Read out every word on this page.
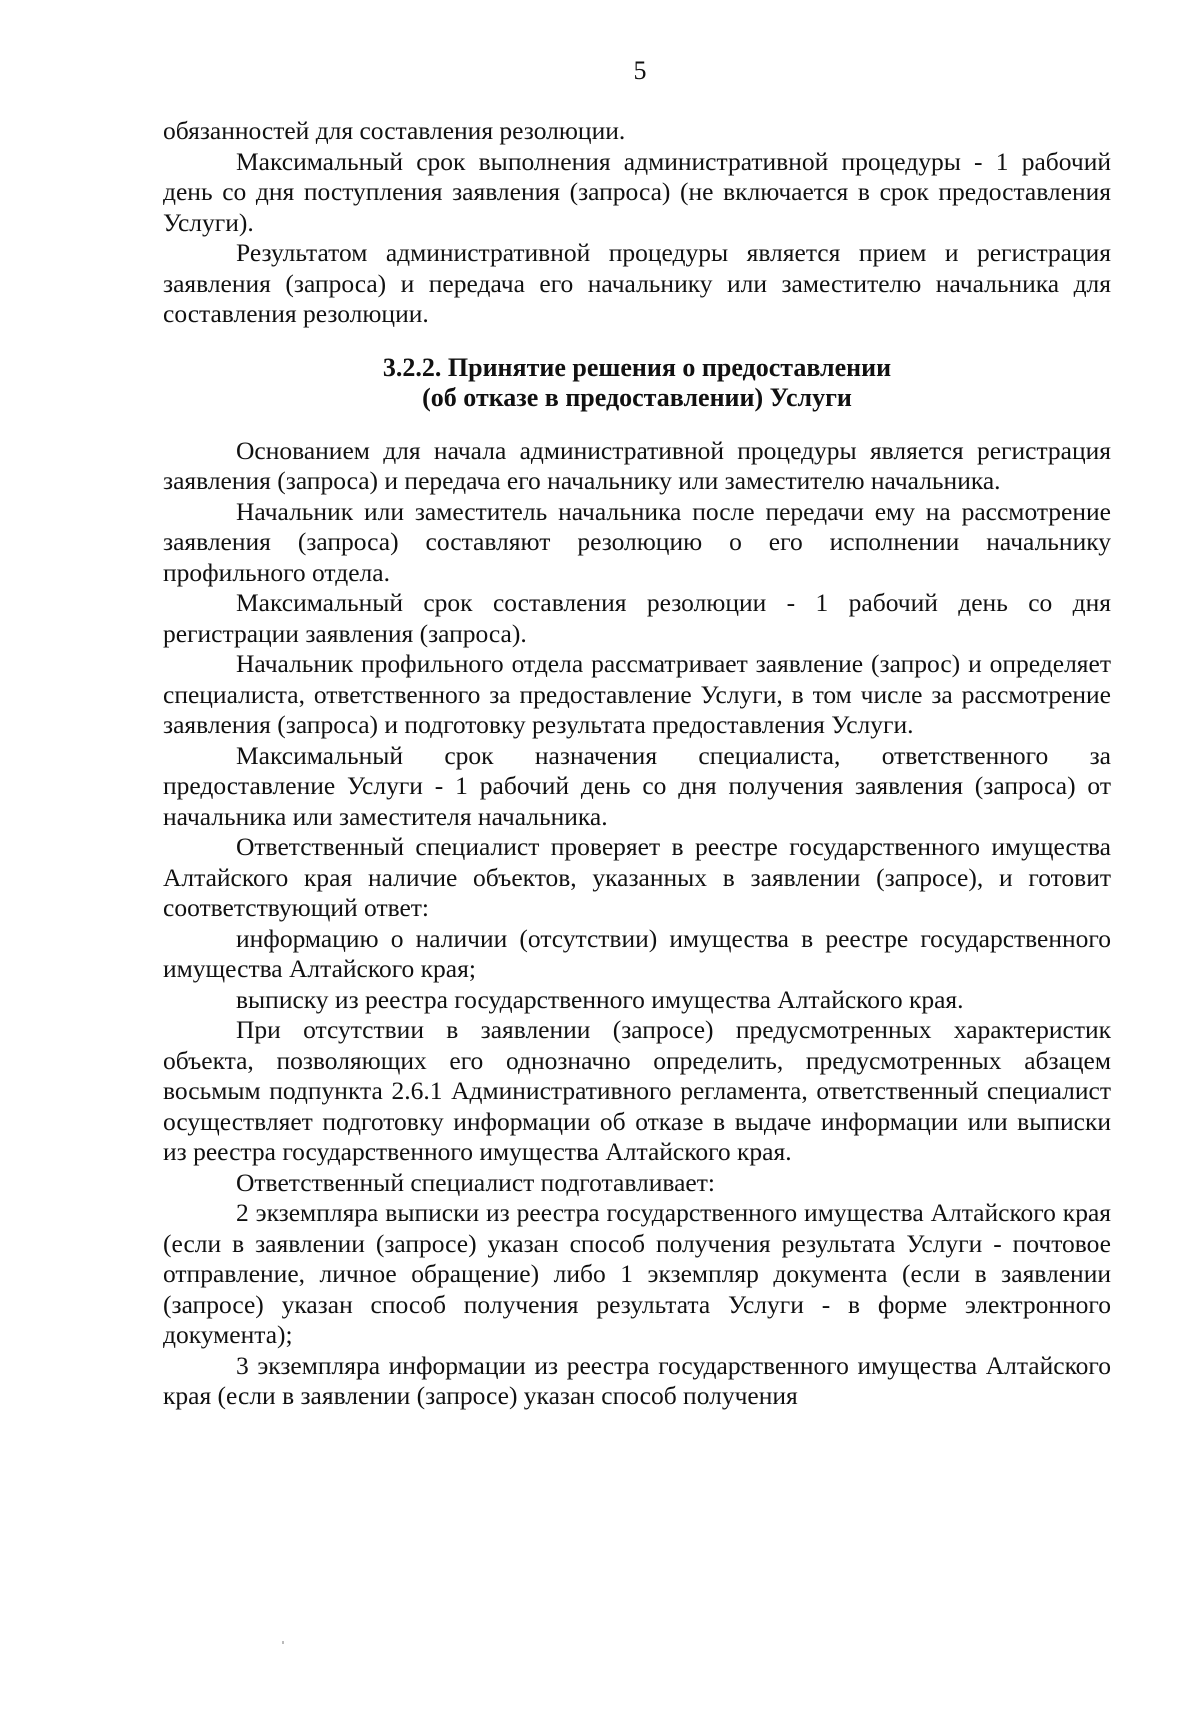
5

обязанностей для составления резолюции.

Максимальный срок выполнения административной процедуры - 1 рабочий день со дня поступления заявления (запроса) (не включается в срок предоставления Услуги).

Результатом административной процедуры является прием и регистрация заявления (запроса) и передача его начальнику или заместителю начальника для составления резолюции.

3.2.2. Принятие решения о предоставлении
(об отказе в предоставлении) Услуги

Основанием для начала административной процедуры является регистрация заявления (запроса) и передача его начальнику или заместителю начальника.

Начальник или заместитель начальника после передачи ему на рассмотрение заявления (запроса) составляют резолюцию о его исполнении начальнику профильного отдела.

Максимальный срок составления резолюции - 1 рабочий день со дня регистрации заявления (запроса).

Начальник профильного отдела рассматривает заявление (запрос) и определяет специалиста, ответственного за предоставление Услуги, в том числе за рассмотрение заявления (запроса) и подготовку результата предоставления Услуги.

Максимальный срок назначения специалиста, ответственного за предоставление Услуги - 1 рабочий день со дня получения заявления (запроса) от начальника или заместителя начальника.

Ответственный специалист проверяет в реестре государственного имущества Алтайского края наличие объектов, указанных в заявлении (запросе), и готовит соответствующий ответ:

информацию о наличии (отсутствии) имущества в реестре государственного имущества Алтайского края;

выписку из реестра государственного имущества Алтайского края.

При отсутствии в заявлении (запросе) предусмотренных характеристик объекта, позволяющих его однозначно определить, предусмотренных абзацем восьмым подпункта 2.6.1 Административного регламента, ответственный специалист осуществляет подготовку информации об отказе в выдаче информации или выписки из реестра государственного имущества Алтайского края.

Ответственный специалист подготавливает:

2 экземпляра выписки из реестра государственного имущества Алтайского края (если в заявлении (запросе) указан способ получения результата Услуги - почтовое отправление, личное обращение) либо 1 экземпляр документа (если в заявлении (запросе) указан способ получения результата Услуги - в форме электронного документа);

3 экземпляра информации из реестра государственного имущества Алтайского края (если в заявлении (запросе) указан способ получения
